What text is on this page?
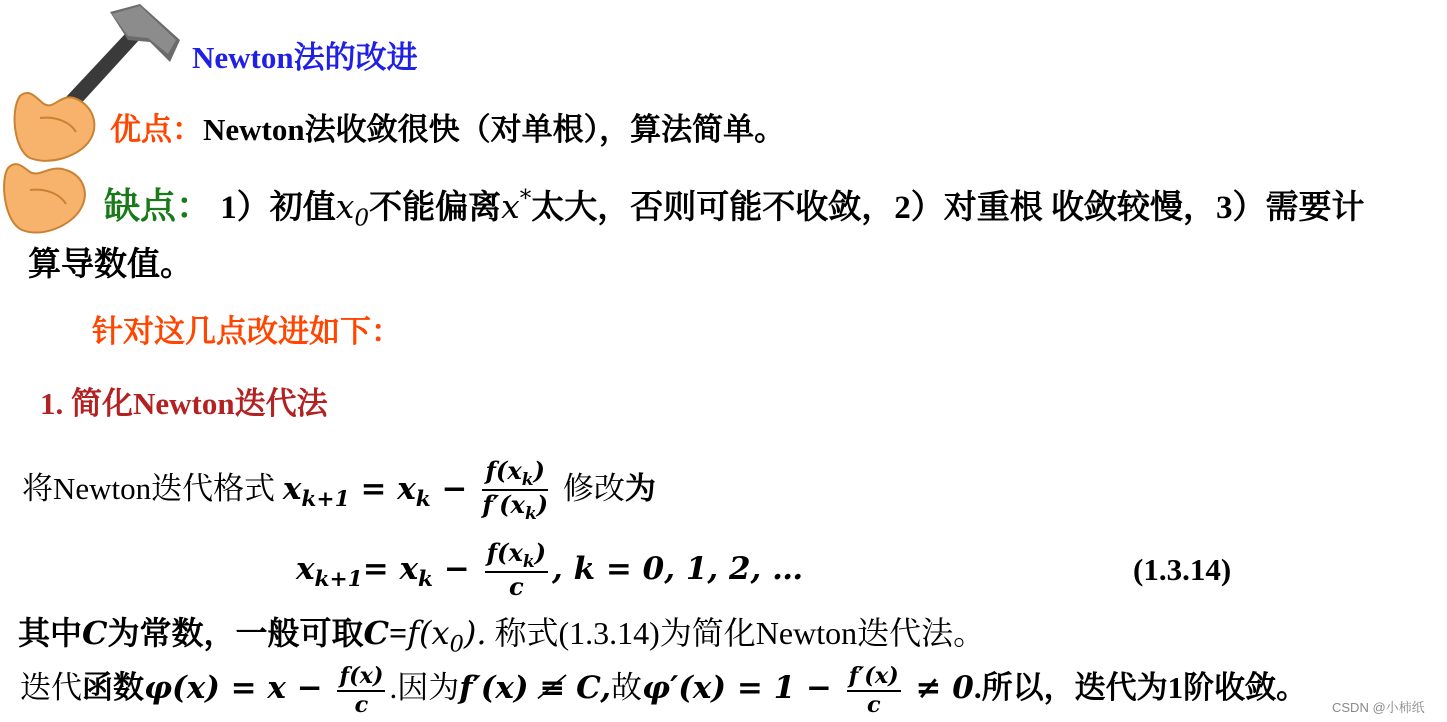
Newton法的改进
优点：Newton法收敛很快（对单根），算法简单。
缺点： 1）初值$x_0$不能偏离x*太大，否则可能不收敛，2）对重根 收敛较慢，3）需要计
算导数值。
针对这几点改进如下：
1. 简化Newton迭代法
将Newton迭代格式 $x_{k+1} = x_k - \frac{f(x_k)}{f'(x_k)}$ 修改为
$x_{k+1}= x_k - \frac{f(x_k)}{c}$ , k = 0, 1, 2, …	(1.3.14)
其中C为常数，一般可取$C=f(x_0)$. 称式(1.3.14)为简化Newton迭代法。
迭代函数$\varphi(x) = x - \frac{f(x)}{c}$ .因为f′(x) ≢ C,故$\varphi'(x) = 1 - \frac{f'(x)}{c} \ne 0$.所以，迭代为1阶收敛。
CSDN @小柿纸
